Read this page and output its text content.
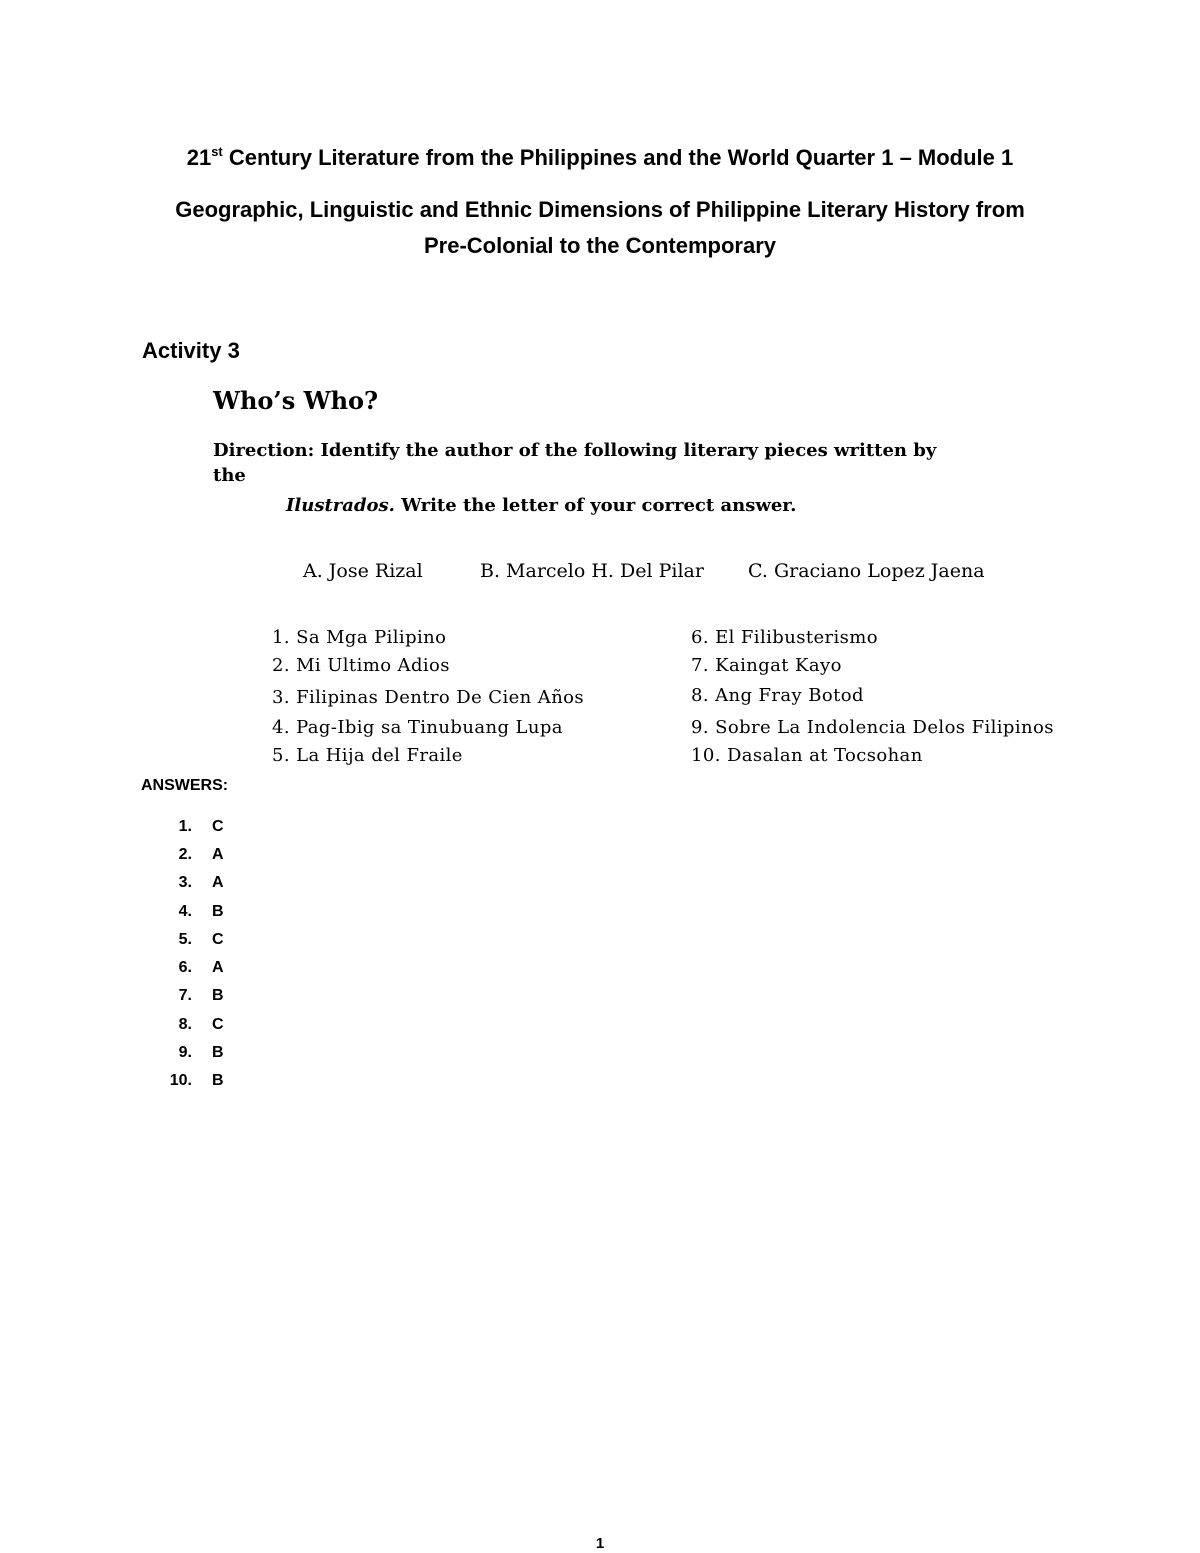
21st Century Literature from the Philippines and the World Quarter 1 – Module 1
Geographic, Linguistic and Ethnic Dimensions of Philippine Literary History from
Pre-Colonial to the Contemporary
Activity 3
Who’s Who?
Direction: Identify the author of the following literary pieces written by
the
Ilustrados. Write the letter of your correct answer.
A. Jose Rizal	B. Marcelo H. Del Pilar C. Graciano Lopez Jaena
1. Sa Mga Pilipino
2. Mi Ultimo Adios
3. Filipinas Dentro De Cien Años
4. Pag-Ibig sa Tinubuang Lupa
5. La Hija del Fraile
6. El Filibusterismo
7. Kaingat Kayo
8. Ang Fray Botod
9. Sobre La Indolencia Delos Filipinos
10. Dasalan at Tocsohan
ANSWERS:
1. C
2. A
3. A
4. B
5. C
6. A
7. B
8. C
9. B
10. B
1
